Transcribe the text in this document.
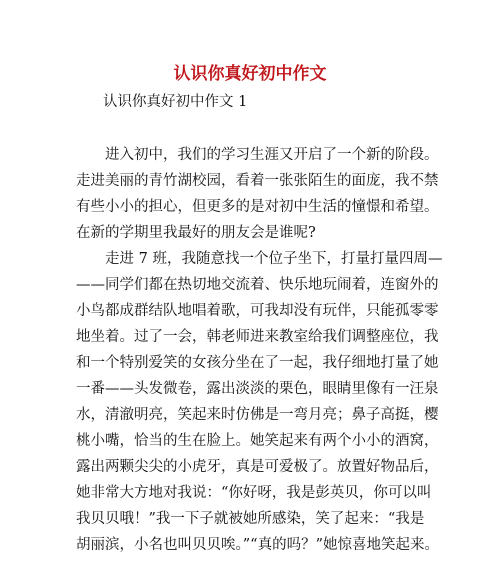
认识你真好初中作文
认识你真好初中作文 1
　　进入初中，我们的学习生涯又开启了一个新的阶段。
走进美丽的青竹湖校园，看着一张张陌生的面庞，我不禁
有些小小的担心，但更多的是对初中生活的憧憬和希望。
在新的学期里我最好的朋友会是谁呢?
　　走进 7 班，我随意找一个位子坐下，打量打量四周—
——同学们都在热切地交流着、快乐地玩闹着，连窗外的
小鸟都成群结队地唱着歌，可我却没有玩伴，只能孤零零
地坐着。过了一会，韩老师进来教室给我们调整座位，我
和一个特别爱笑的女孩分坐在了一起，我仔细地打量了她
一番——头发微卷，露出淡淡的栗色，眼睛里像有一汪泉
水，清澈明亮，笑起来时仿佛是一弯月亮；鼻子高挺，樱
桃小嘴，恰当的生在脸上。她笑起来有两个小小的酒窝，
露出两颗尖尖的小虎牙，真是可爱极了。放置好物品后，
她非常大方地对我说：“你好呀，我是彭英贝，你可以叫
我贝贝哦！”我一下子就被她所感染，笑了起来：“我是
胡丽滨，小名也叫贝贝唉。”“真的吗？”她惊喜地笑起来。
